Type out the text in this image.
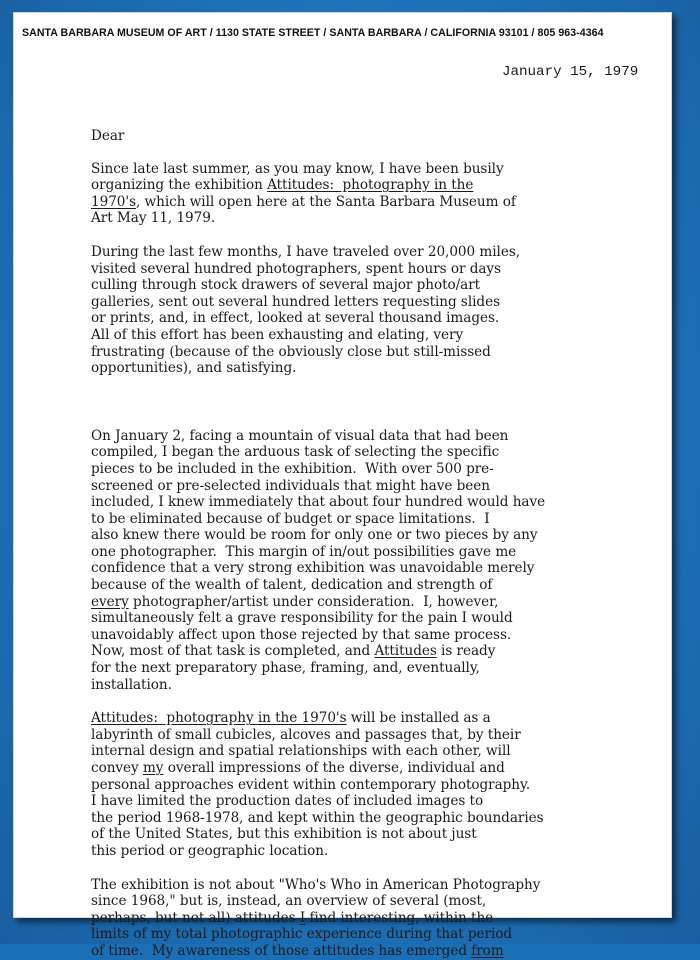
SANTA BARBARA MUSEUM OF ART / 1130 STATE STREET / SANTA BARBARA / CALIFORNIA 93101 / 805 963-4364
January 15, 1979
Dear
Since late last summer, as you may know, I have been busily
organizing the exhibition Attitudes:  photography in the
1970's, which will open here at the Santa Barbara Museum of
Art May 11, 1979.
During the last few months, I have traveled over 20,000 miles,
visited several hundred photographers, spent hours or days
culling through stock drawers of several major photo/art
galleries, sent out several hundred letters requesting slides
or prints, and, in effect, looked at several thousand images.
All of this effort has been exhausting and elating, very
frustrating (because of the obviously close but still-missed
opportunities), and satisfying.
On January 2, facing a mountain of visual data that had been
compiled, I began the arduous task of selecting the specific
pieces to be included in the exhibition.  With over 500 pre-
screened or pre-selected individuals that might have been
included, I knew immediately that about four hundred would have
to be eliminated because of budget or space limitations.  I
also knew there would be room for only one or two pieces by any
one photographer.  This margin of in/out possibilities gave me
confidence that a very strong exhibition was unavoidable merely
because of the wealth of talent, dedication and strength of
every photographer/artist under consideration.  I, however,
simultaneously felt a grave responsibility for the pain I would
unavoidably affect upon those rejected by that same process.
Now, most of that task is completed, and Attitudes is ready
for the next preparatory phase, framing, and, eventually,
installation.
Attitudes:  photography in the 1970's will be installed as a
labyrinth of small cubicles, alcoves and passages that, by their
internal design and spatial relationships with each other, will
convey my overall impressions of the diverse, individual and
personal approaches evident within contemporary photography.
I have limited the production dates of included images to
the period 1968-1978, and kept within the geographic boundaries
of the United States, but this exhibition is not about just
this period or geographic location.
The exhibition is not about "Who's Who in American Photography
since 1968," but is, instead, an overview of several (most,
perhaps, but not all) attitudes I find interesting, within the
limits of my total photographic experience during that period
of time.  My awareness of those attitudes has emerged from
